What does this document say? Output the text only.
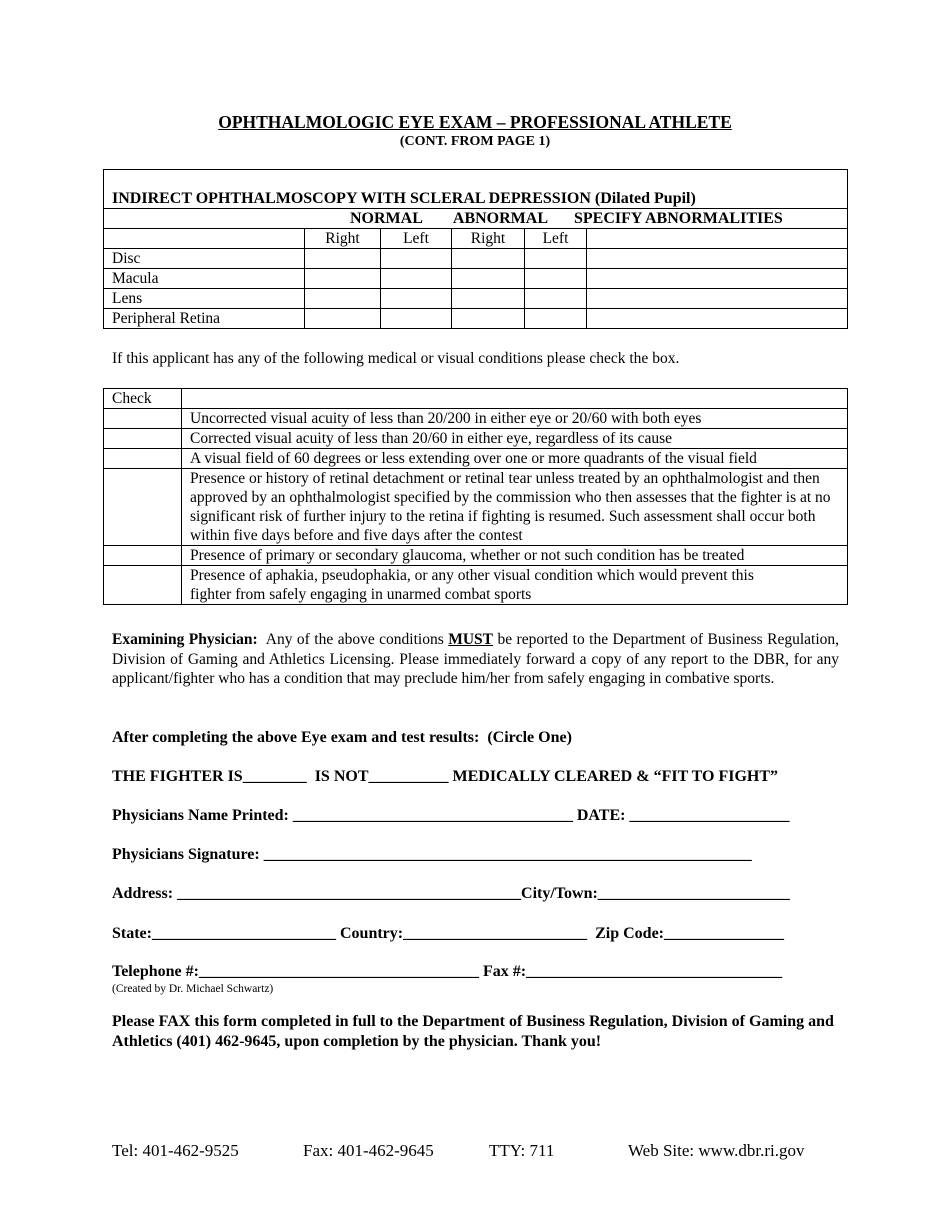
OPHTHALMOLOGIC EYE EXAM – PROFESSIONAL ATHLETE
(CONT. FROM PAGE 1)
INDIRECT OPHTHALMOSCOPY WITH SCLERAL DEPRESSION (Dilated Pupil)					
NORMAL ABNORMAL SPECIFY ABNORMALITIES					
	Right	Left	Right	Left	
Disc					
Macula					
Lens					
Peripheral Retina					
If this applicant has any of the following medical or visual conditions please check the box.
Check	
	Uncorrected visual acuity of less than 20/200 in either eye or 20/60 with both eyes
	Corrected visual acuity of less than 20/60 in either eye, regardless of its cause
	A visual field of 60 degrees or less extending over one or more quadrants of the visual field
	Presence or history of retinal detachment or retinal tear unless treated by an ophthalmologist and then approved by an ophthalmologist specified by the commission who then assesses that the fighter is at no significant risk of further injury to the retina if fighting is resumed. Such assessment shall occur both within five days before and five days after the contest
	Presence of primary or secondary glaucoma, whether or not such condition has be treated
	Presence of aphakia, pseudophakia, or any other visual condition which would prevent this fighter from safely engaging in unarmed combat sports
Examining Physician:  Any of the above conditions MUST be reported to the Department of Business Regulation, Division of Gaming and Athletics Licensing. Please immediately forward a copy of any report to the DBR, for any applicant/fighter who has a condition that may preclude him/her from safely engaging in combative sports.
After completing the above Eye exam and test results:  (Circle One)
THE FIGHTER IS________  IS NOT__________ MEDICALLY CLEARED & “FIT TO FIGHT”
Physicians Name Printed: ___________________________________ DATE: ____________________
Physicians Signature: _____________________________________________________________
Address: ___________________________________________City/Town:________________________
State:_______________________ Country:_______________________  Zip Code:_______________
Telephone #:___________________________________ Fax #:________________________________
(Created by Dr. Michael Schwartz)
Please FAX this form completed in full to the Department of Business Regulation, Division of Gaming and Athletics (401) 462-9645, upon completion by the physician. Thank you!
Tel: 401-462-9525	Fax: 401-462-9645	TTY: 711	Web Site: www.dbr.ri.gov
